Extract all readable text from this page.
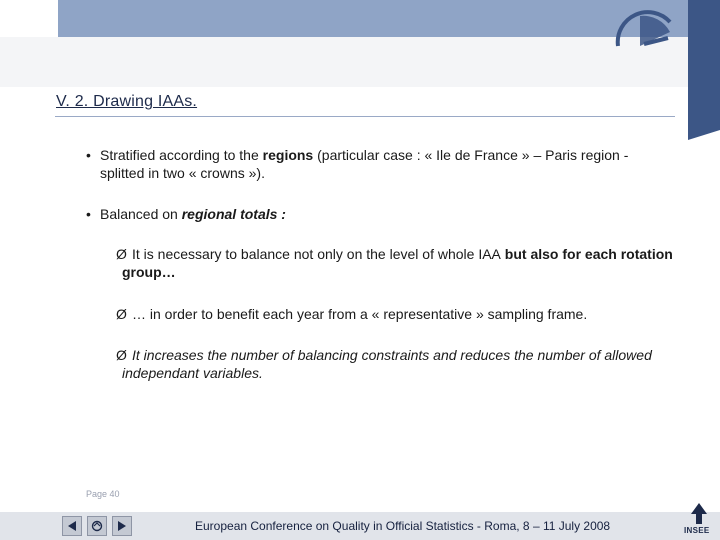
V. 2. Drawing IAAs.
• Stratified according to the regions (particular case : « Ile de France » – Paris region - splitted in two « crowns »).
• Balanced on regional totals :
Ø It is necessary to balance not only on the level of whole IAA but also for each rotation group…
Ø … in order to benefit each year from a « representative » sampling frame.
Ø It increases the number of balancing constraints and reduces the number of allowed independant variables.
Page 40
European Conference on Quality in Official Statistics - Roma, 8 – 11 July 2008	INSEE
